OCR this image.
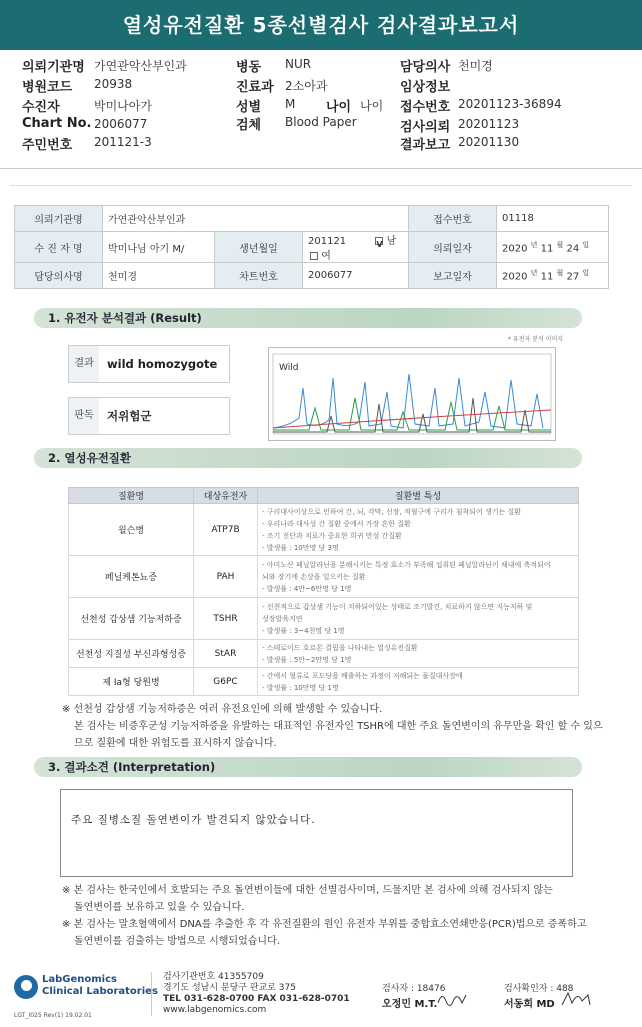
열성유전질환 5종선별검사 검사결과보고서
의뢰기관명 가연관악산부인과
병원코드 20938
수진자	박미나아가
Chart No. 2006077
주민번호 201121-3
병동 NUR
진료과 2소아과
성별 M 나이 나이
검체 Blood Paper
담당의사 천미경
임상정보
접수번호 20201123-36894
검사의뢰 20201123
결과보고 20201130
의뢰기관명	가연관악산부인과			접수번호	01118
수 진 자 명	박미나님 아기 M/	생년월일	201121 V 남  여	의뢰일자	2020 $^년$ 11 $^월$ 24 $^일$
담당의사명	천미경	차트번호	2006077	보고일자	2020 $^년$ 11 $^월$ 27 $^일$
1. 유전자 분석결과 (Result)
* 유전자 분석 이미지
결과	wild homozygote
판독	저위험군
Wild
2. 열성유전질환
질환명	대상유전자	질환별 특성
윌슨병	ATP7B	- 구리대사이상으로 인하여 간, 뇌, 각막, 신장, 적혈구에 구리가 침착되어 생기는 질환
- 우리나라 대사성 간 질환 중에서 가장 흔한 질환
- 조기 진단과 치료가 중요한 희귀 만성 간질환
- 발생률 : 10만명 당 3명

페닐케톤뇨증	PAH	- 아미노산 페닐알라닌을 분해시키는 특정 효소가 부족해 섭취된 페닐알라닌이 체내에 축적되어
뇌와 장기에 손상을 일으키는 질환
- 발생률 : 4만~6만명 당 1명

선천성 갑상샘 기능저하증	TSHR	- 선천적으로 갑상샘 기능이 저하되어있는 상태로 조기발견, 치료하지 않으면 지능저하 및
성장발육지연
- 발생률 : 3~4천명 당 1명

선천성 지질성 부신과형성증	StAR	- 스테로이드 호르몬 결핍을 나타내는 열성유전질환
- 발생률 : 5만~2만명 당 1명

제 Ia형 당원병	G6PC	- 간에서 혈류로 포도당을 배출하는 과정이 저해되는 물질대사장애
- 발생률 : 10만명 당 1명
※ 선천성 갑상샘 기능저하증은 여러 유전요인에 의해 발생할 수 있습니다.
본 검사는 비증후군성 기능저하증을 유발하는 대표적인 유전자인 TSHR에 대한 주요 돌연변이의 유무만을 확인 할 수 있으
므로 질환에 대한 위험도를 표시하지 않습니다.
3. 결과소견 (Interpretation)
주요 질병소질 돌연변이가 발견되지 않았습니다.
※ 본 검사는 한국인에서 호발되는 주요 돌연변이들에 대한 선별검사이며, 드물지만 본 검사에 의해 검사되지 않는
돌연변이를 보유하고 있을 수 있습니다.
※ 본 검사는 말초혈액에서 DNA를 추출한 후 각 유전질환의 원인 유전자 부위를 중합효소연쇄반응(PCR)법으로 증폭하고
돌연변이를 검출하는 방법으로 시행되었습니다.
LabGenomics
Clinical Laboratories
검사기관번호 41355709
경기도 성남시 분당구 판교로 375
TEL 031-628-0700 FAX 031-628-0701
www.labgenomics.com
검사자 : 18476
오정민 M.T.
검사확인자 : 488
서동희 MD
LGT_I025 Rev(1) 19.02.01
